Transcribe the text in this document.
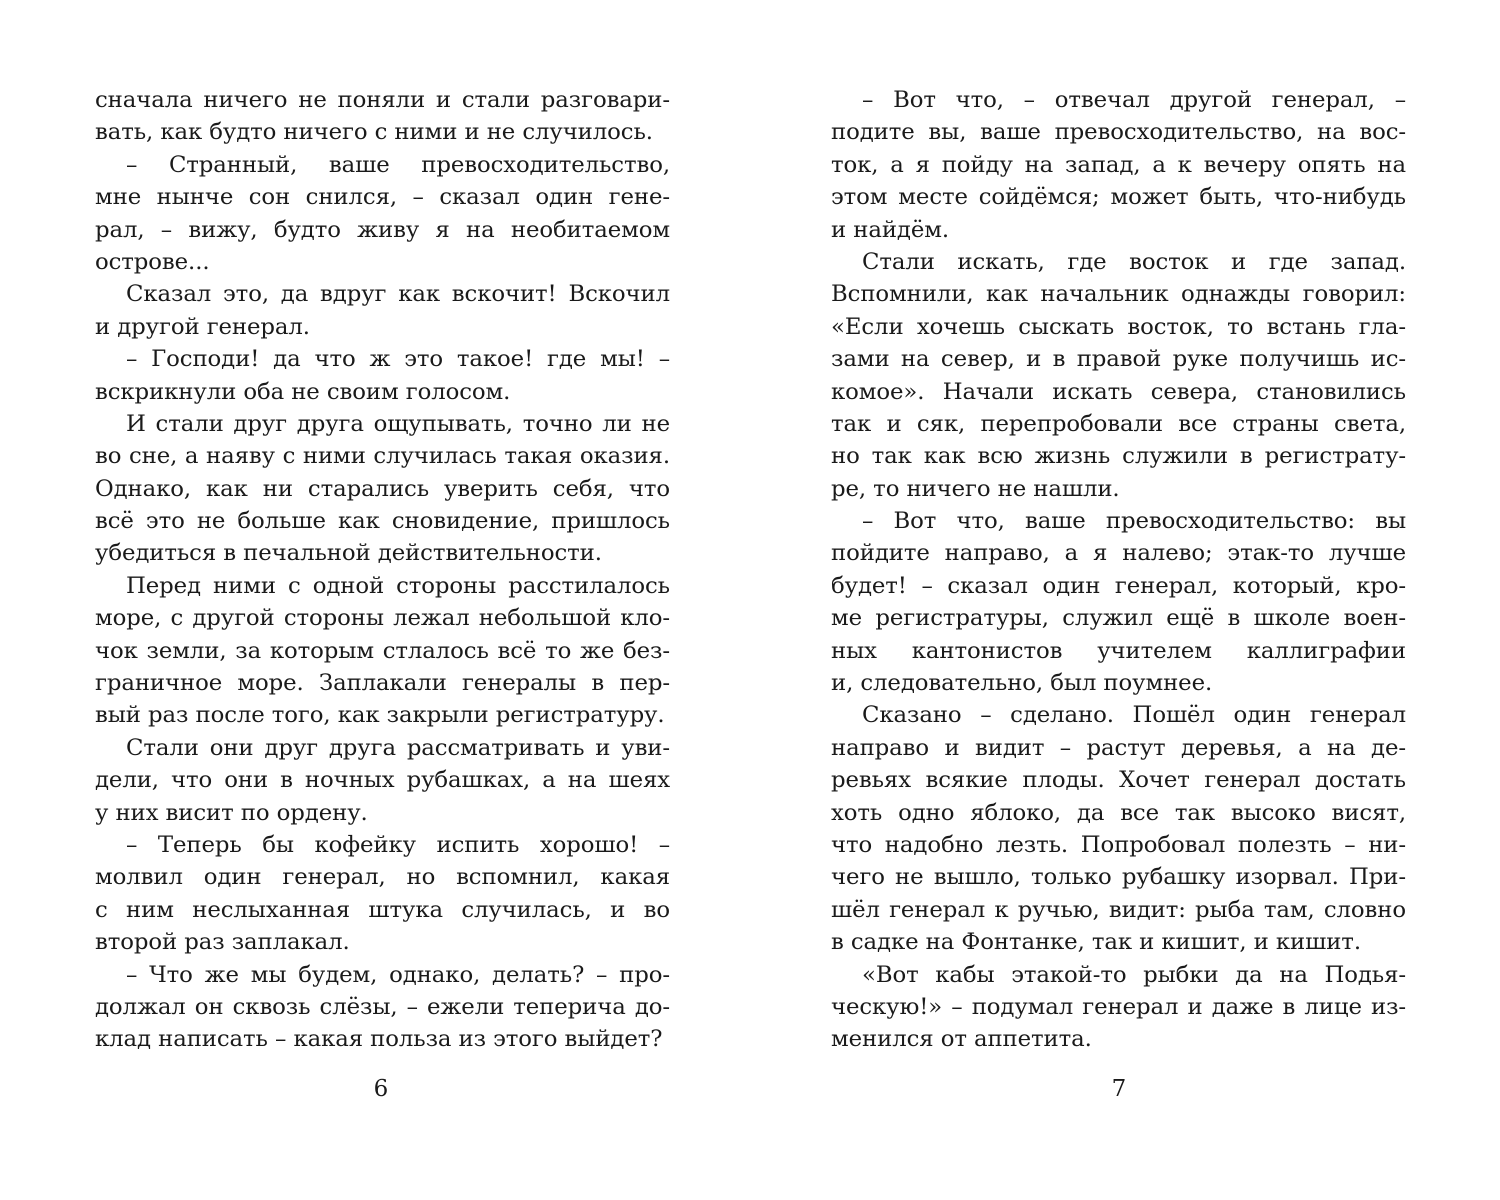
сначала ничего не поняли и стали разговари-
вать, как будто ничего с ними и не случилось.
– Странный, ваше превосходительство,
мне нынче сон снился, – сказал один гене-
рал, – вижу, будто живу я на необитаемом
острове...
Сказал это, да вдруг как вскочит! Вскочил
и другой генерал.
– Господи! да что ж это такое! где мы! –
вскрикнули оба не своим голосом.
И стали друг друга ощупывать, точно ли не
во сне, а наяву с ними случилась такая оказия.
Однако, как ни старались уверить себя, что
всё это не больше как сновидение, пришлось
убедиться в печальной действительности.
Перед ними с одной стороны расстилалось
море, с другой стороны лежал небольшой кло-
чок земли, за которым стлалось всё то же без-
граничное море. Заплакали генералы в пер-
вый раз после того, как закрыли регистратуру.
Стали они друг друга рассматривать и уви-
дели, что они в ночных рубашках, а на шеях
у них висит по ордену.
– Теперь бы кофейку испить хорошо! –
молвил один генерал, но вспомнил, какая
с ним неслыханная штука случилась, и во
второй раз заплакал.
– Что же мы будем, однако, делать? – про-
должал он сквозь слёзы, – ежели теперича до-
клад написать – какая польза из этого выйдет?
– Вот что, – отвечал другой генерал, –
подите вы, ваше превосходительство, на вос-
ток, а я пойду на запад, а к вечеру опять на
этом месте сойдёмся; может быть, что-нибудь
и найдём.
Стали искать, где восток и где запад.
Вспомнили, как начальник однажды говорил:
«Если хочешь сыскать восток, то встань гла-
зами на север, и в правой руке получишь ис-
комое». Начали искать севера, становились
так и сяк, перепробовали все страны света,
но так как всю жизнь служили в регистрату-
ре, то ничего не нашли.
– Вот что, ваше превосходительство: вы
пойдите направо, а я налево; этак-то лучше
будет! – сказал один генерал, который, кро-
ме регистратуры, служил ещё в школе воен-
ных кантонистов учителем каллиграфии
и, следовательно, был поумнее.
Сказано – сделано. Пошёл один генерал
направо и видит – растут деревья, а на де-
ревьях всякие плоды. Хочет генерал достать
хоть одно яблоко, да все так высоко висят,
что надобно лезть. Попробовал полезть – ни-
чего не вышло, только рубашку изорвал. При-
шёл генерал к ручью, видит: рыба там, словно
в садке на Фонтанке, так и кишит, и кишит.
«Вот кабы этакой-то рыбки да на Подья-
ческую!» – подумал генерал и даже в лице из-
менился от аппетита.
6	7
